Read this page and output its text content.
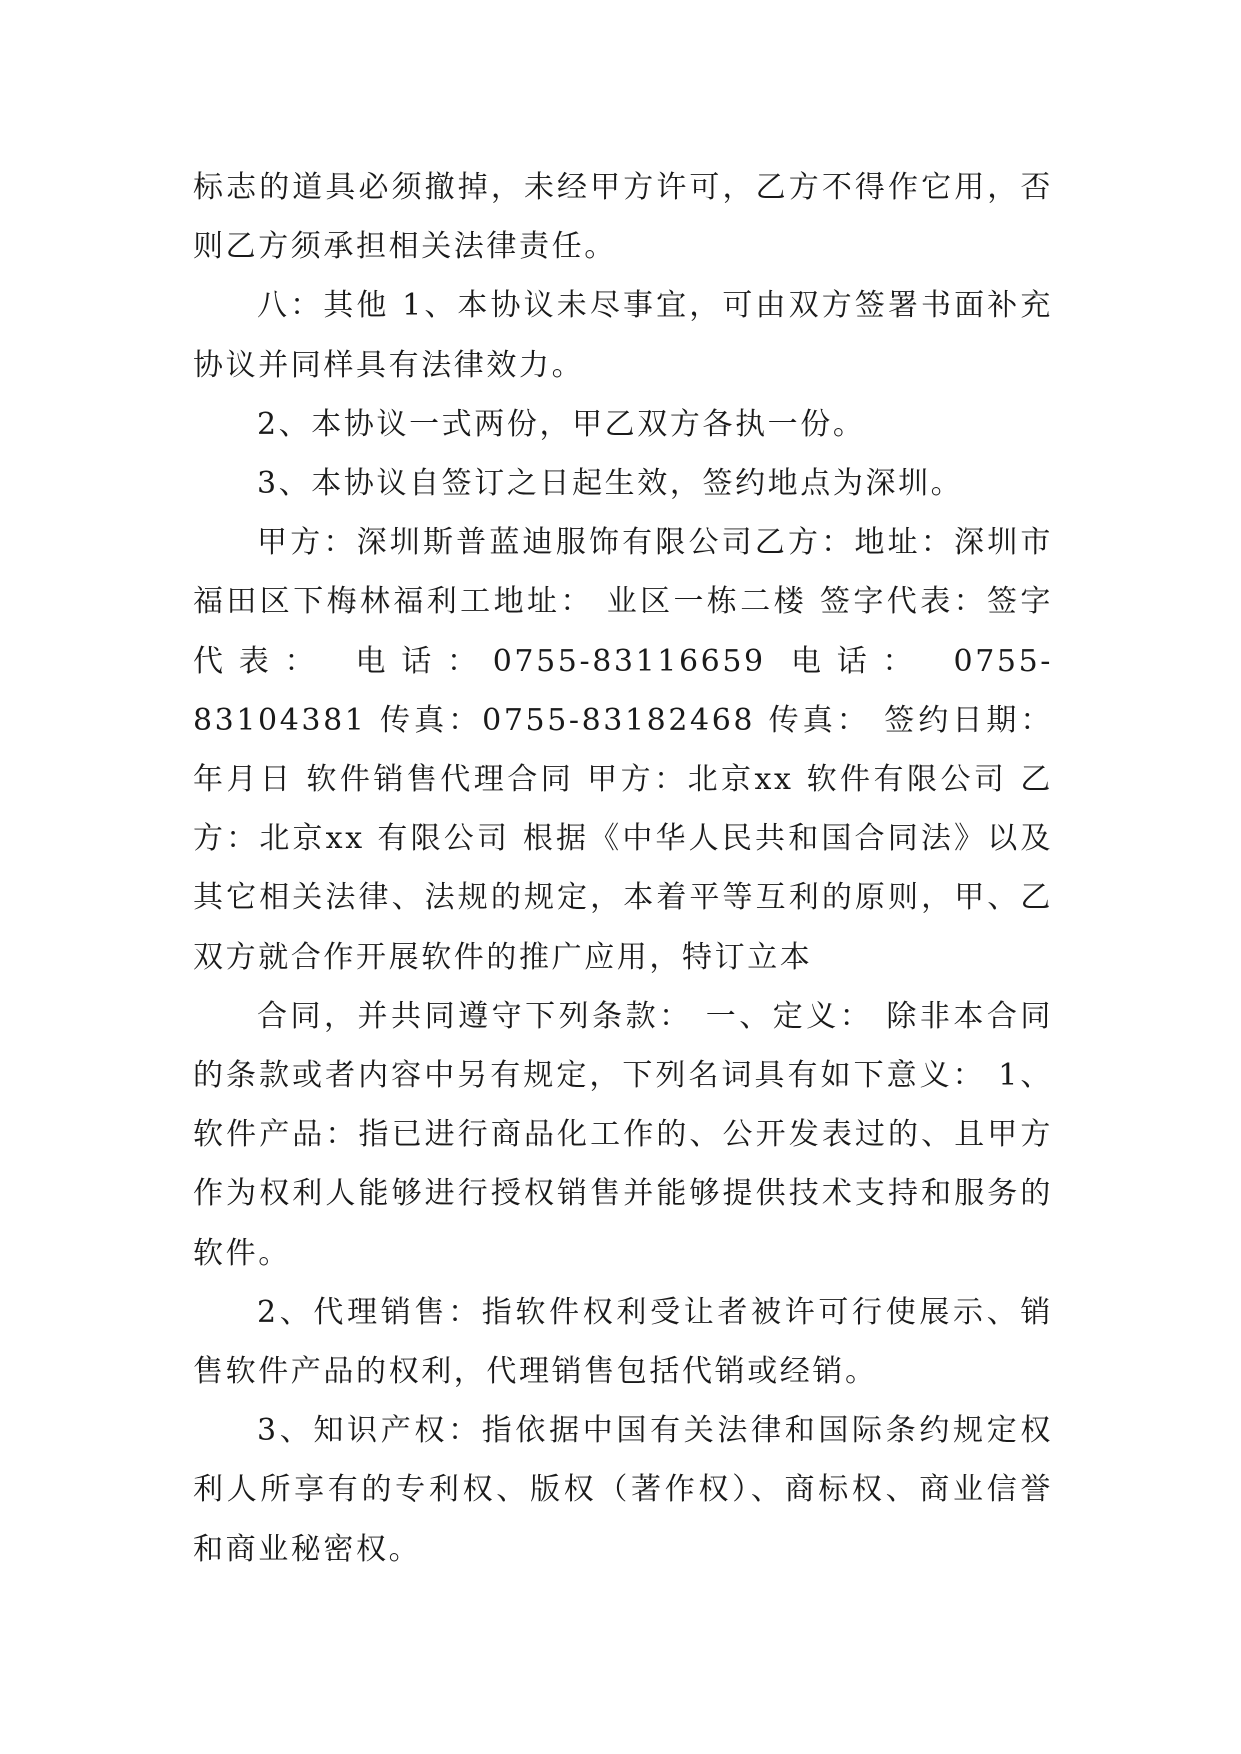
标志的道具必须撤掉，未经甲方许可，乙方不得作它用，否则乙方须承担相关法律责任。

八：其他 1、本协议未尽事宜，可由双方签署书面补充协议并同样具有法律效力。

2、本协议一式两份，甲乙双方各执一份。

3、本协议自签订之日起生效，签约地点为深圳。

甲方：深圳斯普蓝迪服饰有限公司乙方：地址：深圳市福田区下梅林福利工地址： 业区一栋二楼 签字代表：签字代表： 电话：0755-83116659 电话： 0755-83104381 传真：0755-83182468 传真： 签约日期：年月日 软件销售代理合同 甲方：北京xx 软件有限公司 乙方：北京xx 有限公司 根据《中华人民共和国合同法》以及其它相关法律、法规的规定，本着平等互利的原则，甲、乙双方就合作开展软件的推广应用，特订立本

合同，并共同遵守下列条款： 一、定义： 除非本合同的条款或者内容中另有规定，下列名词具有如下意义： 1、软件产品：指已进行商品化工作的、公开发表过的、且甲方作为权利人能够进行授权销售并能够提供技术支持和服务的软件。

2、代理销售：指软件权利受让者被许可行使展示、销售软件产品的权利，代理销售包括代销或经销。

3、知识产权：指依据中国有关法律和国际条约规定权利人所享有的专利权、版权（著作权）、商标权、商业信誉和商业秘密权。
